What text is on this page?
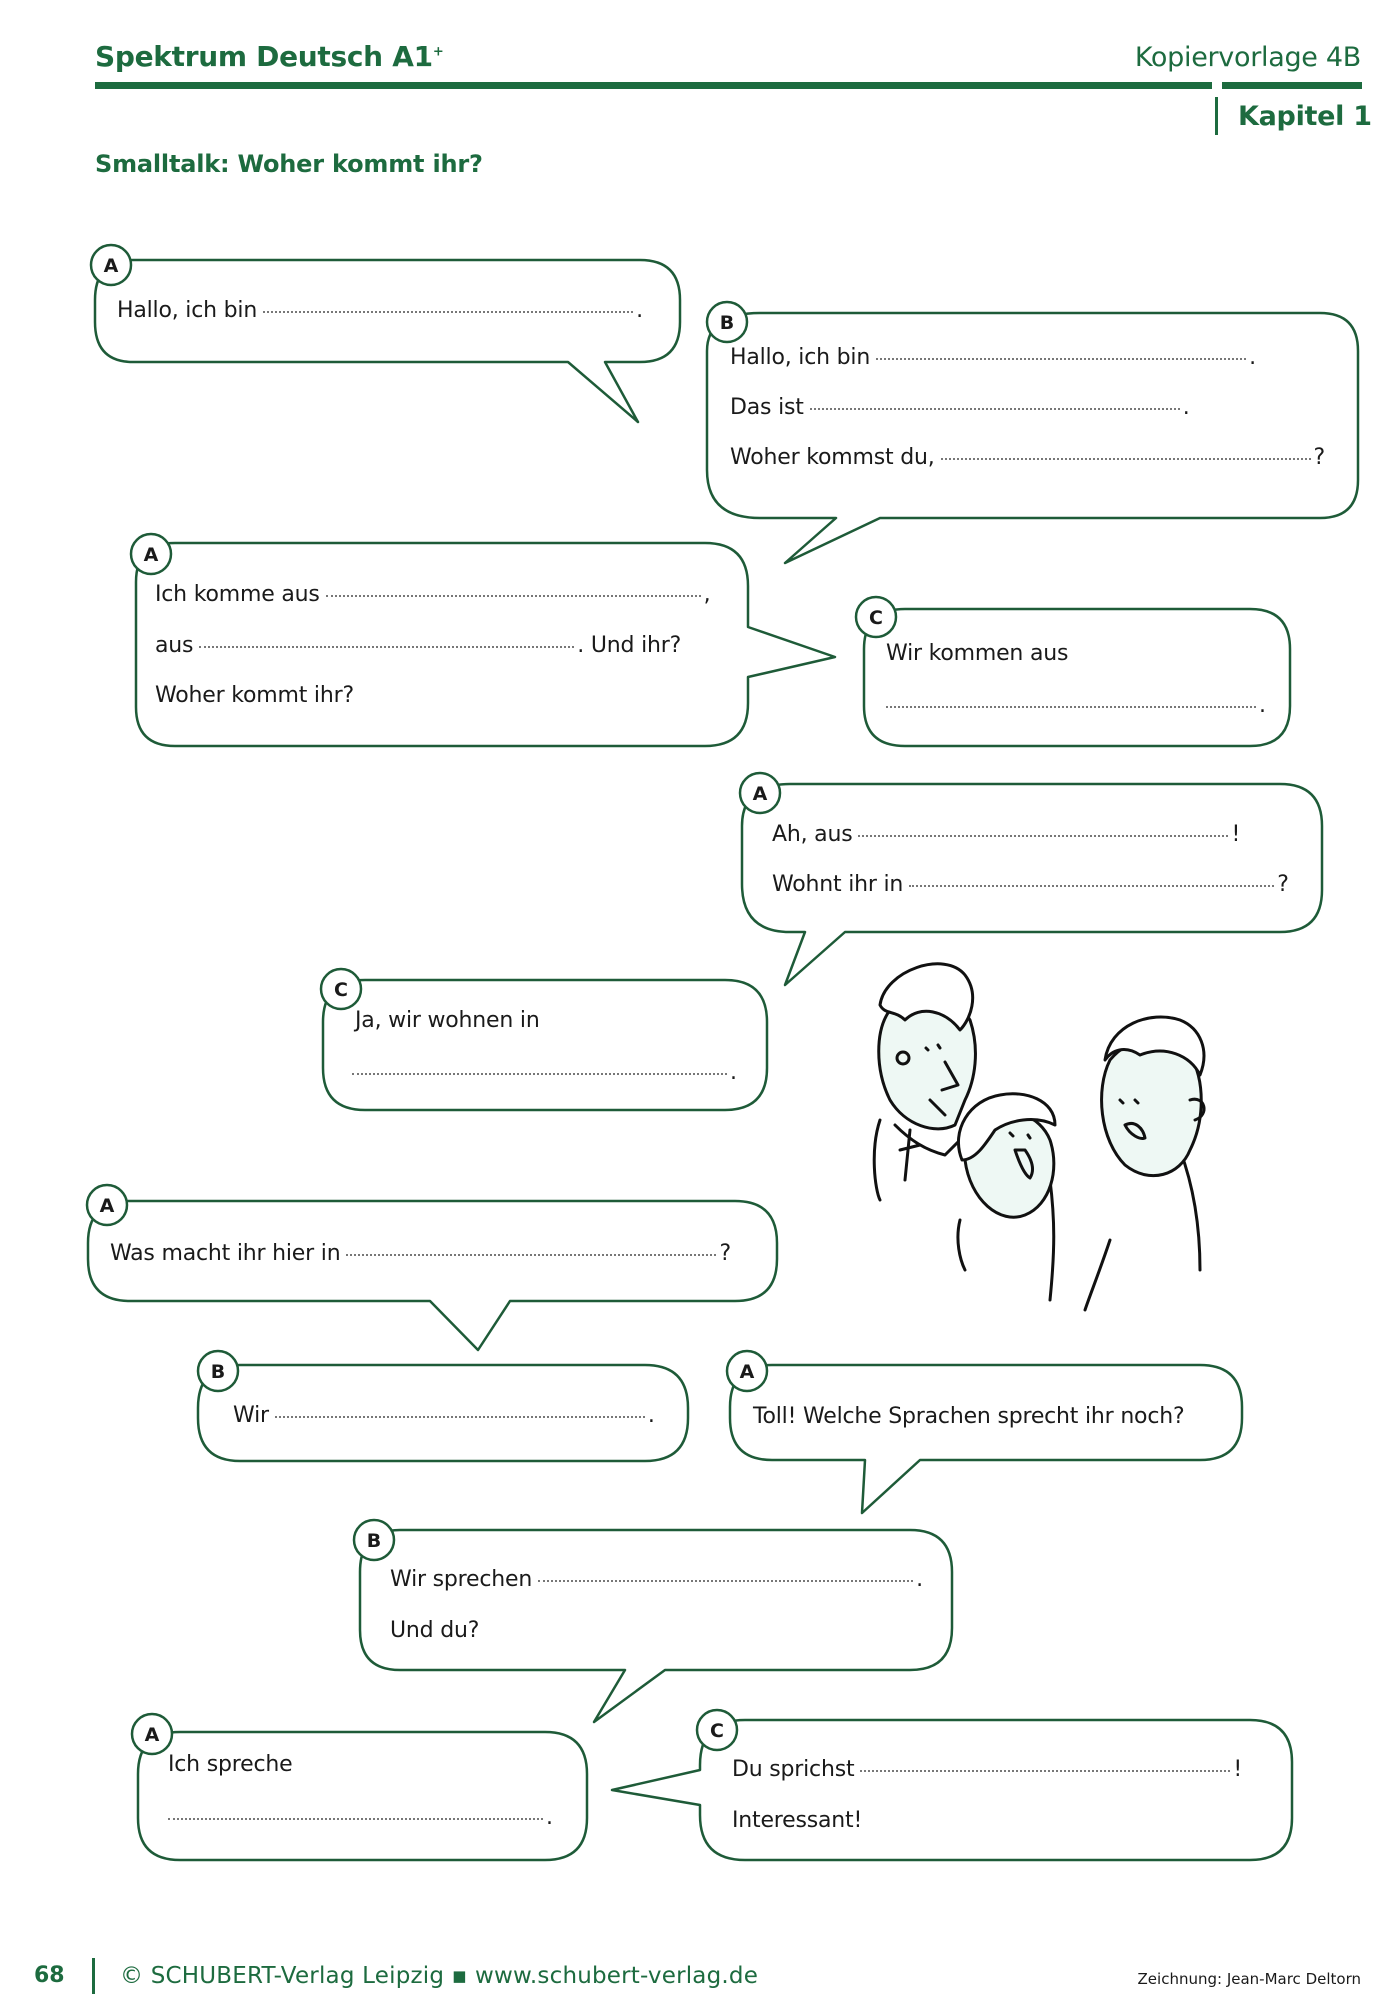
Spektrum Deutsch A1+	Kopiervorlage 4B
Kapitel 1
Smalltalk: Woher kommt ihr?
A
B
A
C
A
C
A
B	A
B
A	C
Hallo, ich bin	.
Hallo, ich bin	.
Das ist	.
Woher kommst du,	?
Ich komme aus	,
aus	. Und ihr?
Woher kommt ihr?
Wir kommen aus
.
Ah, aus	!
Wohnt ihr in	?
Ja, wir wohnen in
.
Was macht ihr hier in	?
Wir	.	Toll! Welche Sprachen sprecht ihr noch?
Wir sprechen	.
Und du?
Ich spreche
.
Du sprichst	!
Interessant!
68 © SCHUBERT-Verlag Leipzig ▪ www.schubert-verlag.de	Zeichnung: Jean-Marc Deltorn
